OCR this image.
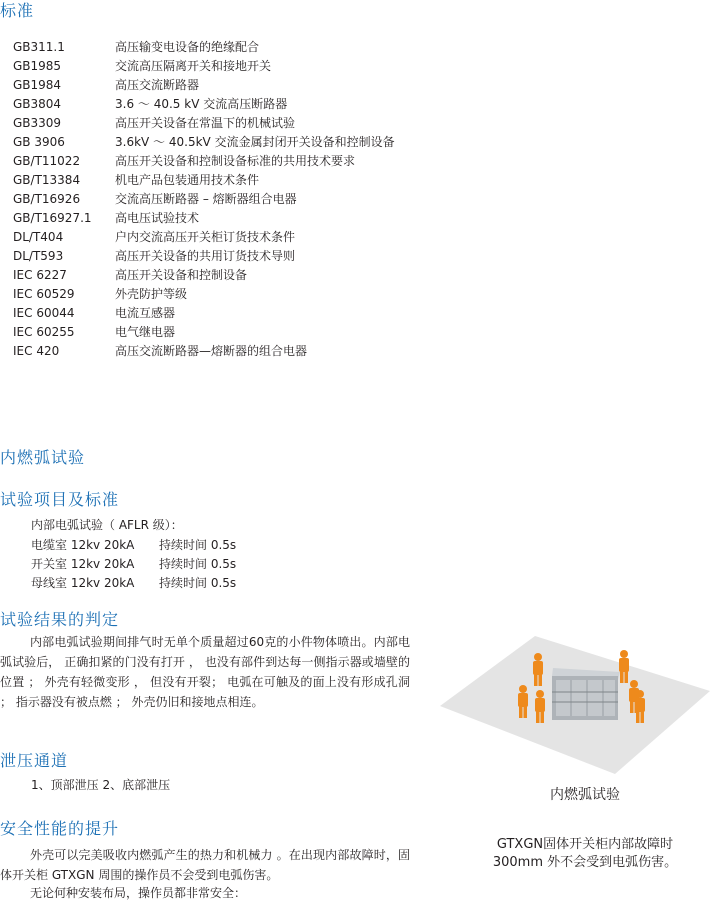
标准
GB311.1	高压输变电设备的绝缘配合
GB1985	交流高压隔离开关和接地开关
GB1984	高压交流断路器
GB3804	3.6 ～ 40.5 kV 交流高压断路器
GB3309	高压开关设备在常温下的机械试验
GB 3906	3.6kV ～ 40.5kV 交流金属封闭开关设备和控制设备
GB/T11022	高压开关设备和控制设备标准的共用技术要求
GB/T13384	机电产品包装通用技术条件
GB/T16926	交流高压断路器 – 熔断器组合电器
GB/T16927.1 高电压试验技术
DL/T404	户内交流高压开关柜订货技术条件
DL/T593	高压开关设备的共用订货技术导则
IEC 6227	高压开关设备和控制设备
IEC 60529	外壳防护等级
IEC 60044	电流互感器
IEC 60255	电气继电器
IEC 420	高压交流断路器—熔断器的组合电器
内燃弧试验
试验项目及标准
内部电弧试验（ AFLR 级）：
电缆室 12kv 20kA 持续时间 0.5s
开关室 12kv 20kA 持续时间 0.5s
母线室 12kv 20kA 持续时间 0.5s
试验结果的判定

内部电弧试验期间排气时无单个质量超过60克的小件物体喷出。内部电弧试验后， 正确扣紧的门没有打开 ， 也没有部件到达每一侧指示器或墙壁的位置 ； 外壳有轻微变形 ， 但没有开裂； 电弧在可触及的面上没有形成孔洞 ； 指示器没有被点燃 ； 外壳仍旧和接地点相连。

泄压通道
1、顶部泄压 2、底部泄压
安全性能的提升

外壳可以完美吸收内燃弧产生的热力和机械力 。在出现内部故障时，固体开关柜 GTXGN 周围的操作员不会受到电弧伤害。

无论何种安装布局，操作员都非常安全：

内燃弧试验
GTXGN固体开关柜内部故障时
300mm 外不会受到电弧伤害。
